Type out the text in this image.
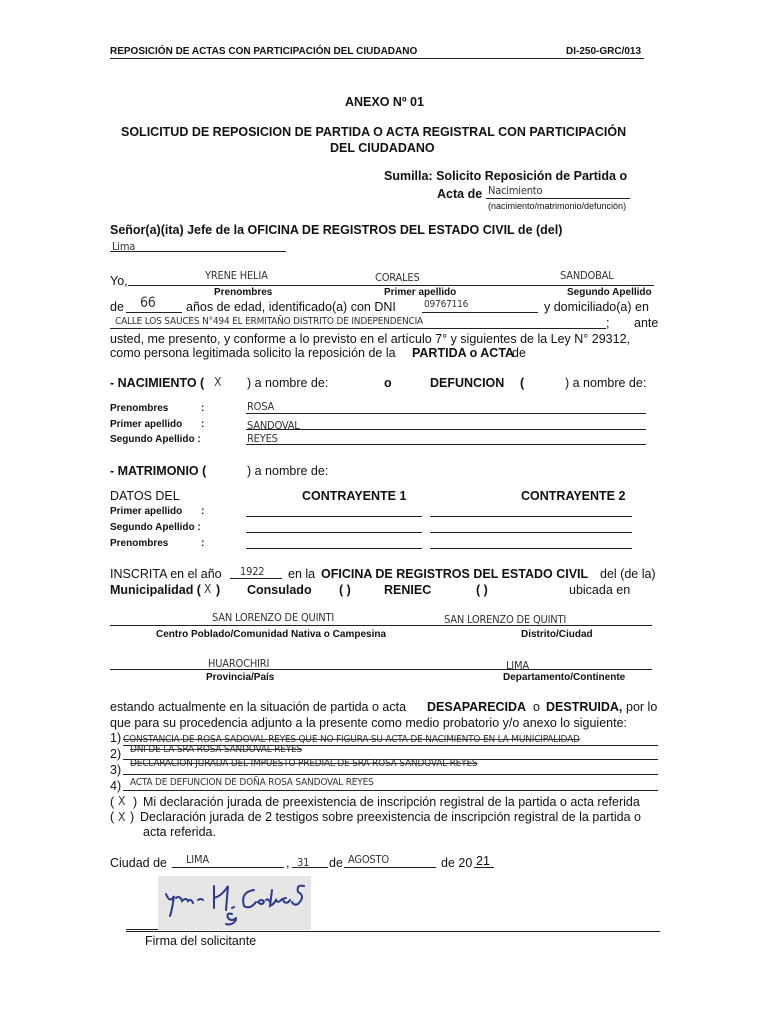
REPOSICIÓN DE ACTAS CON PARTICIPACIÓN DEL CIUDADANO	DI-250-GRC/013
ANEXO Nº 01
SOLICITUD DE REPOSICION DE PARTIDA O ACTA REGISTRAL CON PARTICIPACIÓN
DEL CIUDADANO
Sumilla: Solicito Reposición de Partida o
Acta de Nacimiento
(nacimiento/matrimonio/defunción)
Señor(a)(ita) Jefe de la OFICINA DE REGISTROS DEL ESTADO CIVIL de (del)
Lima
Yo,	YRENE HELIA	CORALES	SANDOBAL
Prenombres	Primer apellido	Segundo Apellido
de 66 años de edad, identificado(a) con DNI	09767116	y domiciliado(a) en
CALLE LOS SAUCES N°494 EL ERMITAÑO DISTRITO DE INDEPENDENCIA	; ante
usted, me presento, y conforme a lo previsto en el artículo 7° y siguientes de la Ley N° 29312,
como persona legitimada solicito la reposición de la PARTIDA o ACTA
de
- NACIMIENTO ( X ) a nombre de:	o	DEFUNCION (	) a nombre de:
Prenombres	:	ROSA
Primer apellido :	SANDOVAL
Segundo Apellido :	REYES
- MATRIMONIO (	) a nombre de:
DATOS DEL	CONTRAYENTE 1	CONTRAYENTE 2
Primer apellido :
Segundo Apellido :
Prenombres	:
INSCRITA en el año 1922 en la OFICINA DE REGISTROS DEL ESTADO CIVIL del (de la)
Municipalidad ( X ) Consulado ( )	RENIEC	( )	ubicada en
SAN LORENZO DE QUINTI	SAN LORENZO DE QUINTI
Centro Poblado/Comunidad Nativa o Campesina	Distrito/Ciudad
HUAROCHIRI	LIMA
Provincia/País	Departamento/Continente
estando actualmente en la situación de partida o acta DESAPARECIDA o DESTRUIDA, por lo
que para su procedencia adjunto a la presente como medio probatorio y/o anexo lo siguiente:
1) CONSTANCIA DE ROSA SADOVAL REYES QUE NO FIGURA SU ACTA DE NACIMIENTO EN LA MUNICIPALIDAD
2) DNI DE LA SRA ROSA SANDOVAL REYES
3) DECLARACION JURADA DEL IMPUESTO PREDIAL DE SRA ROSA SANDOVAL REYES
4) ACTA DE DEFUNCION DE DOÑA ROSA SANDOVAL REYES
( X ) Mi declaración jurada de preexistencia de inscripción registral de la partida o acta referida
( X ) Declaración jurada de 2 testigos sobre preexistencia de inscripción registral de la partida o
acta referida.
Ciudad de LIMA	, 31 de AGOSTO	de 20 21
Firma del solicitante
